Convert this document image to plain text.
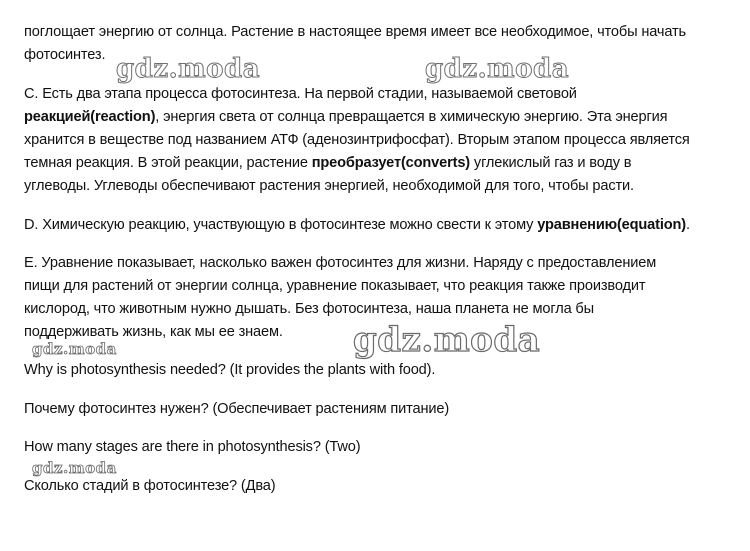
поглощает энергию от солнца. Растение в настоящее время имеет все необходимое, чтобы начать
фотосинтез.
C. Есть два этапа процесса фотосинтеза. На первой стадии, называемой световой
реакцией(reaction), энергия света от солнца превращается в химическую энергию. Эта энергия
хранится в веществе под названием АТФ (аденозинтрифосфат). Вторым этапом процесса является
темная реакция. В этой реакции, растение преобразует(converts) углекислый газ и воду в
углеводы. Углеводы обеспечивают растения энергией, необходимой для того, чтобы расти.
D. Химическую реакцию, участвующую в фотосинтезе можно свести к этому уравнению(equation).
E. Уравнение показывает, насколько важен фотосинтез для жизни. Наряду с предоставлением
пищи для растений от энергии солнца, уравнение показывает, что реакция также производит
кислород, что животным нужно дышать. Без фотосинтеза, наша планета не могла бы
поддерживать жизнь, как мы ее знаем.
Why is photosynthesis needed? (It provides the plants with food).
Почему фотосинтез нужен? (Обеспечивает растениям питание)
How many stages are there in photosynthesis? (Two)
Сколько стадий в фотосинтезе? (Два)
gdz.moda	gdz.moda
gdz.moda
gdz.moda
gdz.moda
